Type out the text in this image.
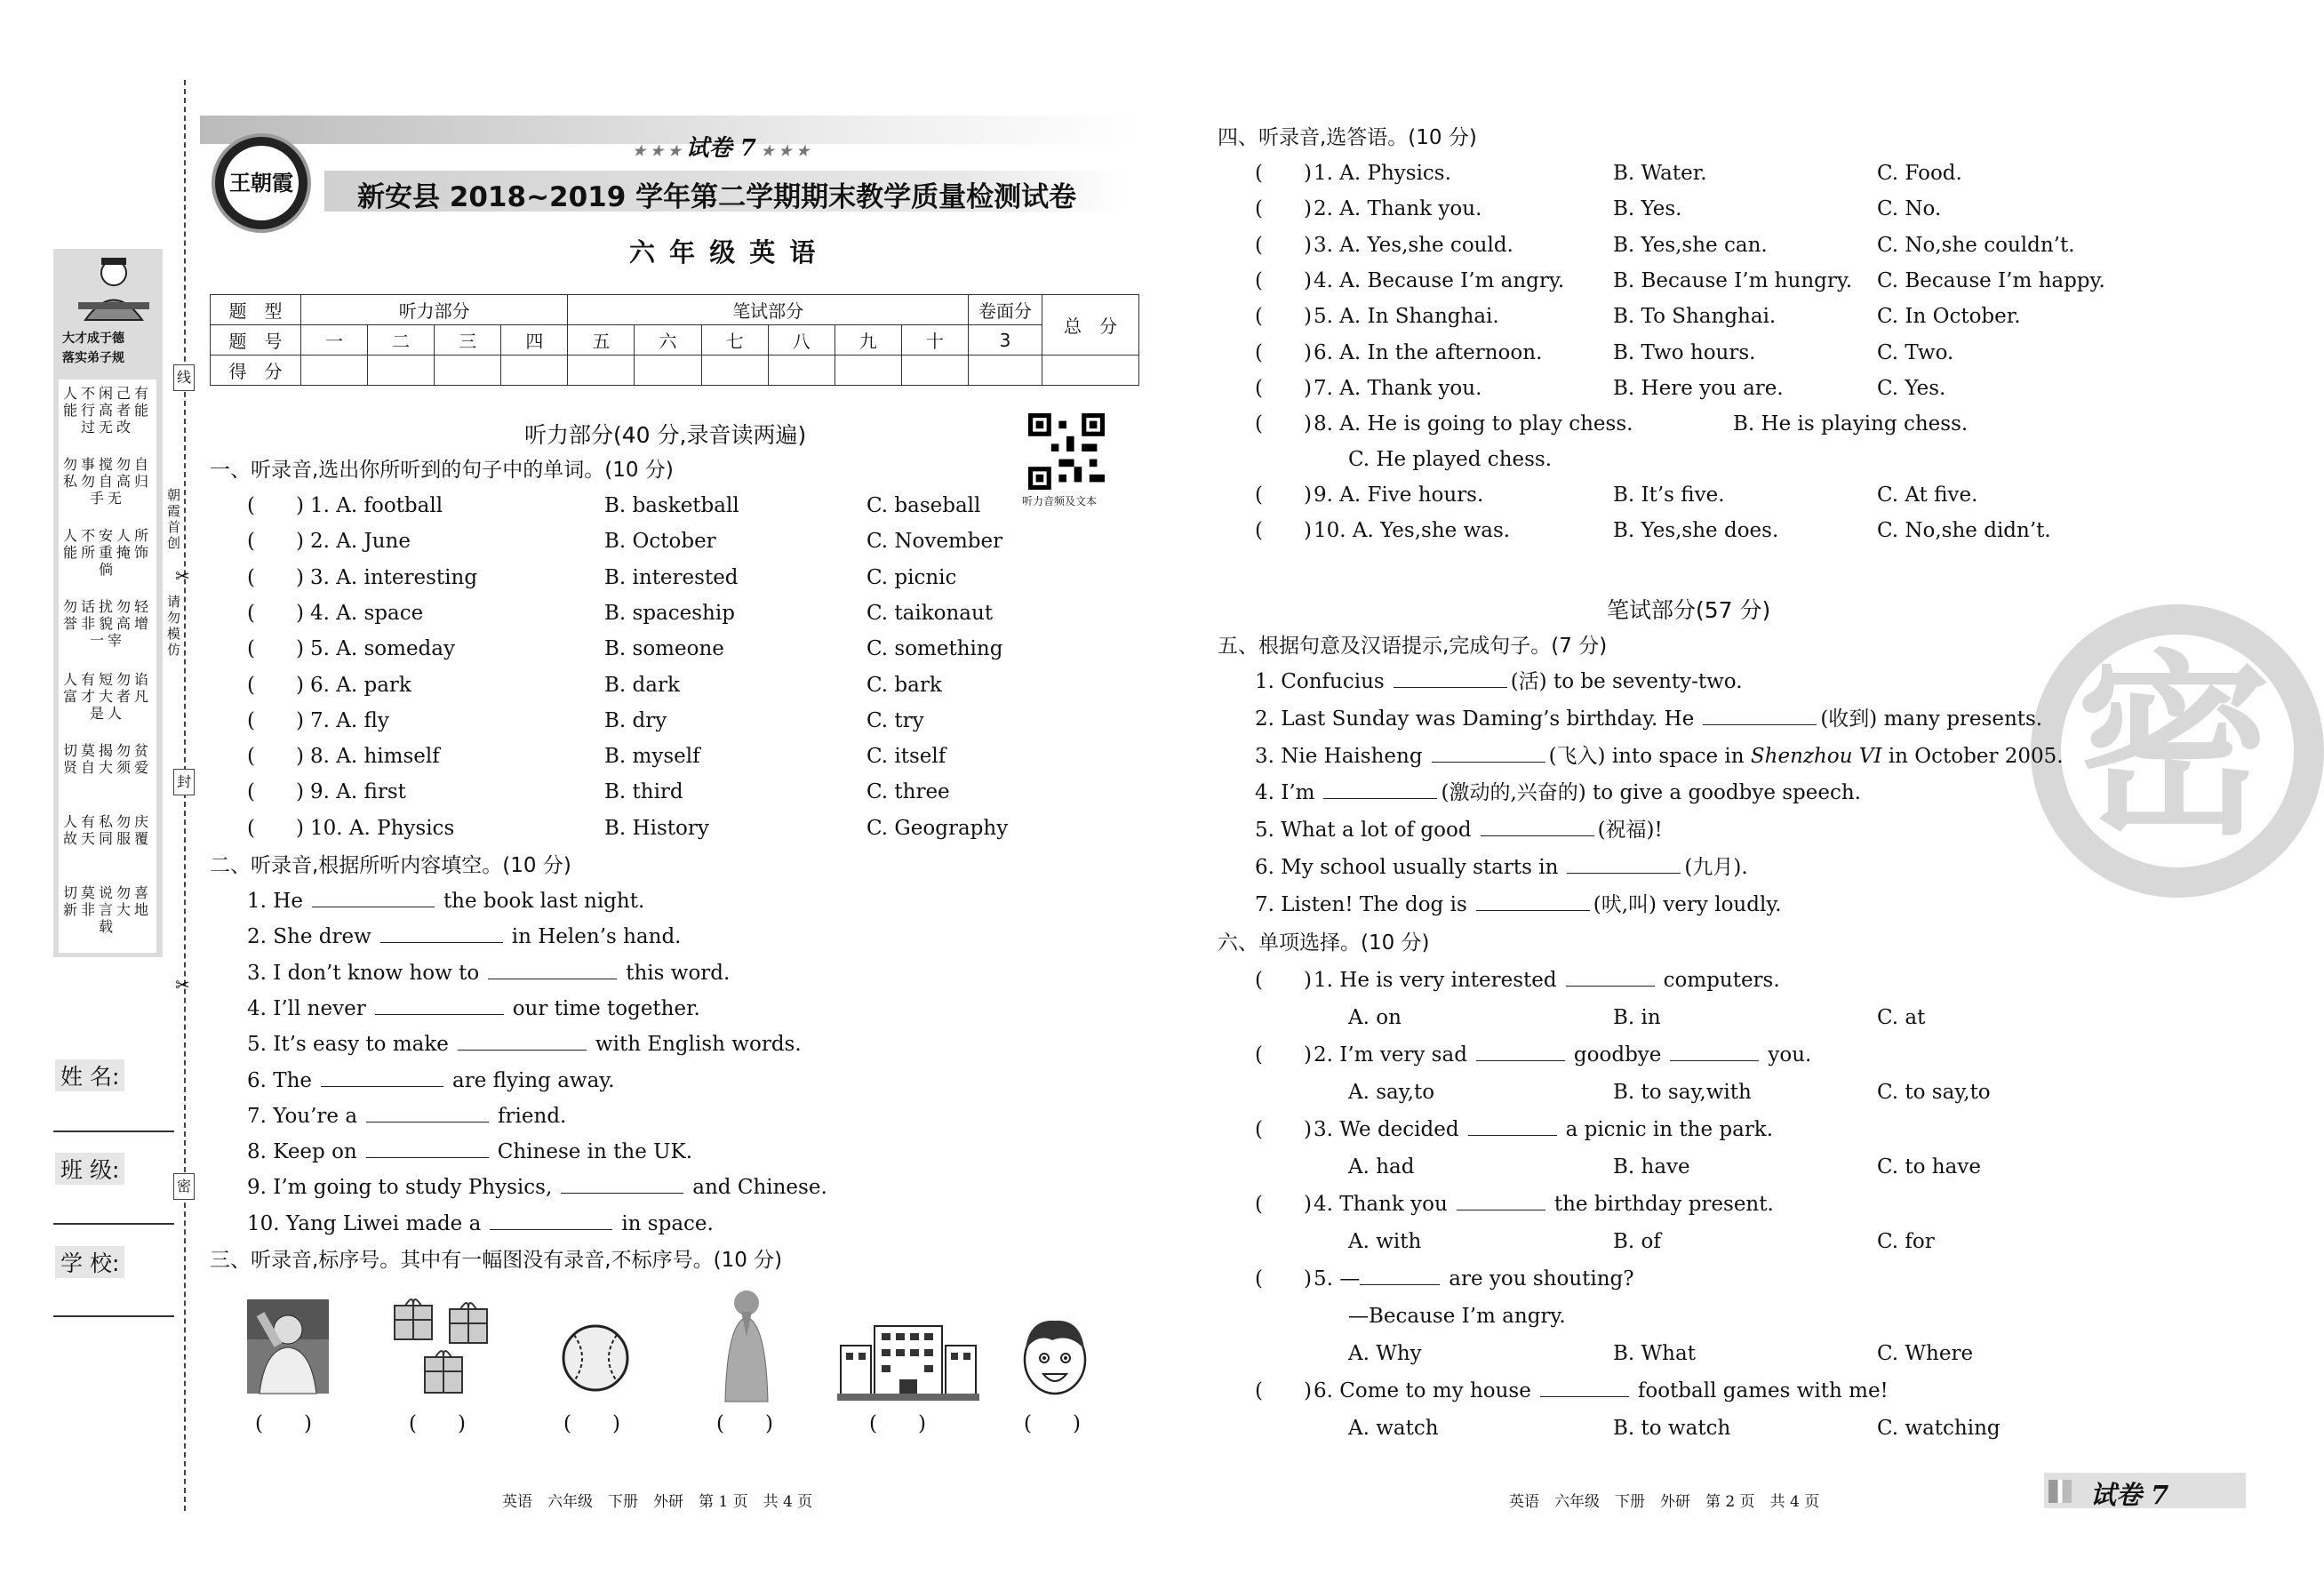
线
封
密
✂
✂
朝霞首创
请勿模仿
大才成于德
落实弟子规
人不闲己有能行高者能过无改
勿事搅勿自私勿自高归手无
人不安人所能所重掩饰倘
勿话扰勿轻誉非貌高增一宰
人有短勿谄富才大者凡是人
切莫揭勿贫贤自大须爱
人有私勿庆故天同服覆
切莫说勿喜新非言大地载
姓 名:
班 级:
学 校:
王朝霞
★ ★ ★ 试卷 7 ★ ★ ★
新安县 2018~2019 学年第二学期期末教学质量检测试卷
六 年 级 英 语
题　型	听力部分				笔试部分						卷面分	总　分
题　号	一	二	三	四	五	六	七	八	九	十	3	
得　分												
听力部分(40 分,录音读两遍)
听力音频及文本
一、听录音,选出你所听到的句子中的单词。(10 分)
二、听录音,根据所听内容填空。(10 分)
三、听录音,标序号。其中有一幅图没有录音,不标序号。(10 分)
(　　)	(　　)	(　　)	(　　)	(　　)	(　　)
英语　六年级　下册　外研　第 1 页　共 4 页
四、听录音,选答语。(10 分)
笔试部分(57 分)
五、根据句意及汉语提示,完成句子。(7 分)
六、单项选择。(10 分)
密
英语　六年级　下册　外研　第 2 页　共 4 页	试卷 7
(　　) 1. A. football	B. basketball	C. baseball
(　　) 2. A. June	B. October	C. November
(　　) 3. A. interesting	B. interested	C. picnic
(　　) 4. A. space	B. spaceship	C. taikonaut
(　　) 5. A. someday	B. someone	C. something
(　　) 6. A. park	B. dark	C. bark
(　　) 7. A. fly	B. dry	C. try
(　　) 8. A. himself	B. myself	C. itself
(　　) 9. A. first	B. third	C. three
(　　) 10. A. Physics	B. History	C. Geography
1. He	the book last night.
2. She drew	in Helen’s hand.
3. I don’t know how to	this word.
4. I’ll never	our time together.
5. It’s easy to make	with English words.
6. The	are flying away.
7. You’re a	friend.
8. Keep on	Chinese in the UK.
9. I’m going to study Physics,	and Chinese.
10. Yang Liwei made a	in space.
(　　) 1. A. Physics.	B. Water.	C. Food.
(　　) 2. A. Thank you.	B. Yes.	C. No.
(　　) 3. A. Yes,she could.	B. Yes,she can.	C. No,she couldn’t.
(　　) 4. A. Because I’m angry. B. Because I’m hungry. C. Because I’m happy.
(　　) 5. A. In Shanghai.	B. To Shanghai.	C. In October.
(　　) 6. A. In the afternoon.	B. Two hours.	C. Two.
(　　) 7. A. Thank you.	B. Here you are.	C. Yes.
(　　) 8. A. He is going to play chess.	B. He is playing chess.
C. He played chess.
(　　) 9. A. Five hours.	B. It’s five.	C. At five.
(　　) 10. A. Yes,she was.	B. Yes,she does.	C. No,she didn’t.
1. Confucius	(活) to be seventy-two.
2. Last Sunday was Daming’s birthday. He	(收到) many presents.
3. Nie Haisheng	(飞入) into space in Shenzhou VI in October 2005.
4. I’m	(激动的,兴奋的) to give a goodbye speech.
5. What a lot of good	(祝福)!
6. My school usually starts in	(九月).
7. Listen! The dog is	(吠,叫) very loudly.
(　　) 1. He is very interested	computers.
A. on	B. in	C. at
(　　) 2. I’m very sad	goodbye	you.
A. say,to	B. to say,with	C. to say,to
(　　) 3. We decided	a picnic in the park.
A. had	B. have	C. to have
(　　) 4. Thank you	the birthday present.
A. with	B. of	C. for
(　　) 5. —	are you shouting?
—Because I’m angry.
A. Why	B. What	C. Where
(　　) 6. Come to my house	football games with me!
A. watch	B. to watch	C. watching
